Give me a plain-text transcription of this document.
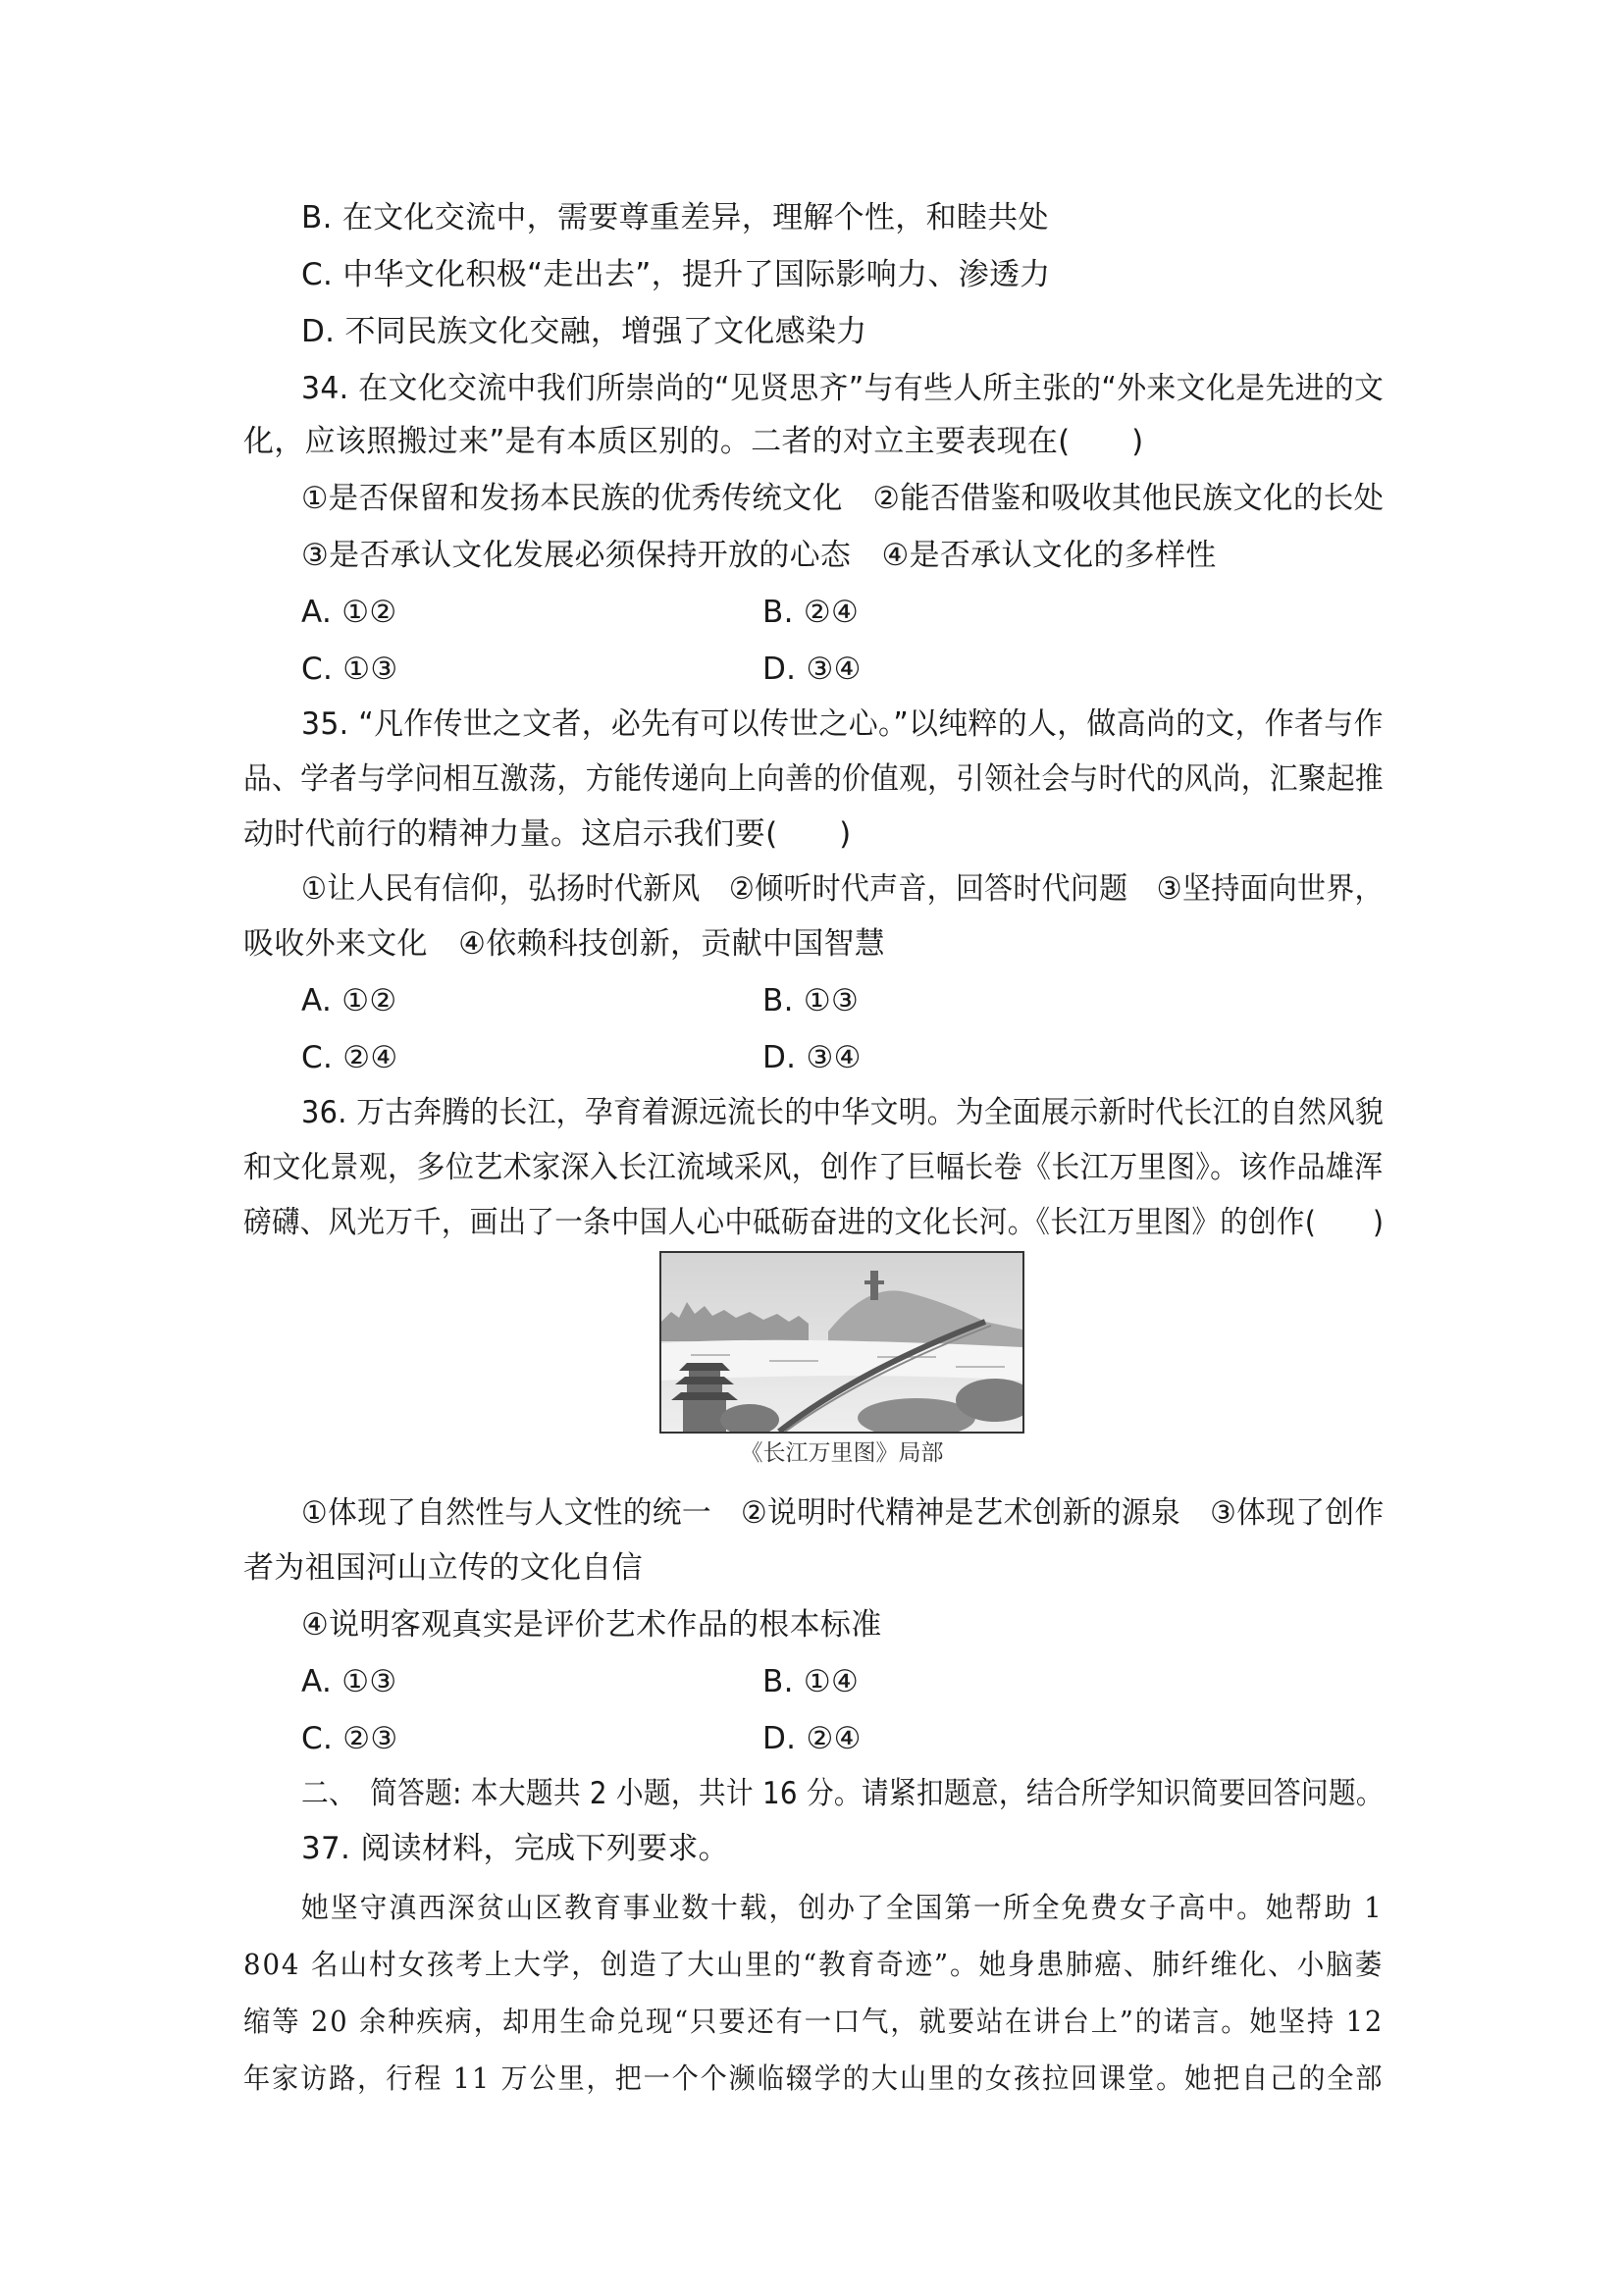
B. 在文化交流中，需要尊重差异，理解个性，和睦共处
C. 中华文化积极“走出去”，提升了国际影响力、渗透力
D. 不同民族文化交融，增强了文化感染力
34. 在文化交流中我们所崇尚的“见贤思齐”与有些人所主张的“外来文化是先进的文
化，应该照搬过来”是有本质区别的。二者的对立主要表现在(　　)
①是否保留和发扬本民族的优秀传统文化　②能否借鉴和吸收其他民族文化的长处
③是否承认文化发展必须保持开放的心态　④是否承认文化的多样性
A. ①②	B. ②④
C. ①③	D. ③④
35. “凡作传世之文者，必先有可以传世之心。”以纯粹的人，做高尚的文，作者与作
品、学者与学问相互激荡，方能传递向上向善的价值观，引领社会与时代的风尚，汇聚起推
动时代前行的精神力量。这启示我们要(　　)
①让人民有信仰，弘扬时代新风　②倾听时代声音，回答时代问题　③坚持面向世界，
吸收外来文化　④依赖科技创新，贡献中国智慧
A. ①②	B. ①③
C. ②④	D. ③④
36. 万古奔腾的长江，孕育着源远流长的中华文明。为全面展示新时代长江的自然风貌
和文化景观，多位艺术家深入长江流域采风，创作了巨幅长卷《长江万里图》。该作品雄浑
磅礴、风光万千，画出了一条中国人心中砥砺奋进的文化长河。《长江万里图》的创作(　　)
《长江万里图》局部
①体现了自然性与人文性的统一　②说明时代精神是艺术创新的源泉　③体现了创作
者为祖国河山立传的文化自信
④说明客观真实是评价艺术作品的根本标准
A. ①③	B. ①④
C. ②③	D. ②④
二、　简答题: 本大题共 2 小题，共计 16 分。请紧扣题意，结合所学知识简要回答问题。
37. 阅读材料，完成下列要求。
她坚守滇西深贫山区教育事业数十载，创办了全国第一所全免费女子高中。她帮助 1
804 名山村女孩考上大学，创造了大山里的“教育奇迹”。她身患肺癌、肺纤维化、小脑萎
缩等 20 余种疾病，却用生命兑现“只要还有一口气，就要站在讲台上”的诺言。她坚持 12
年家访路，行程 11 万公里，把一个个濒临辍学的大山里的女孩拉回课堂。她把自己的全部
